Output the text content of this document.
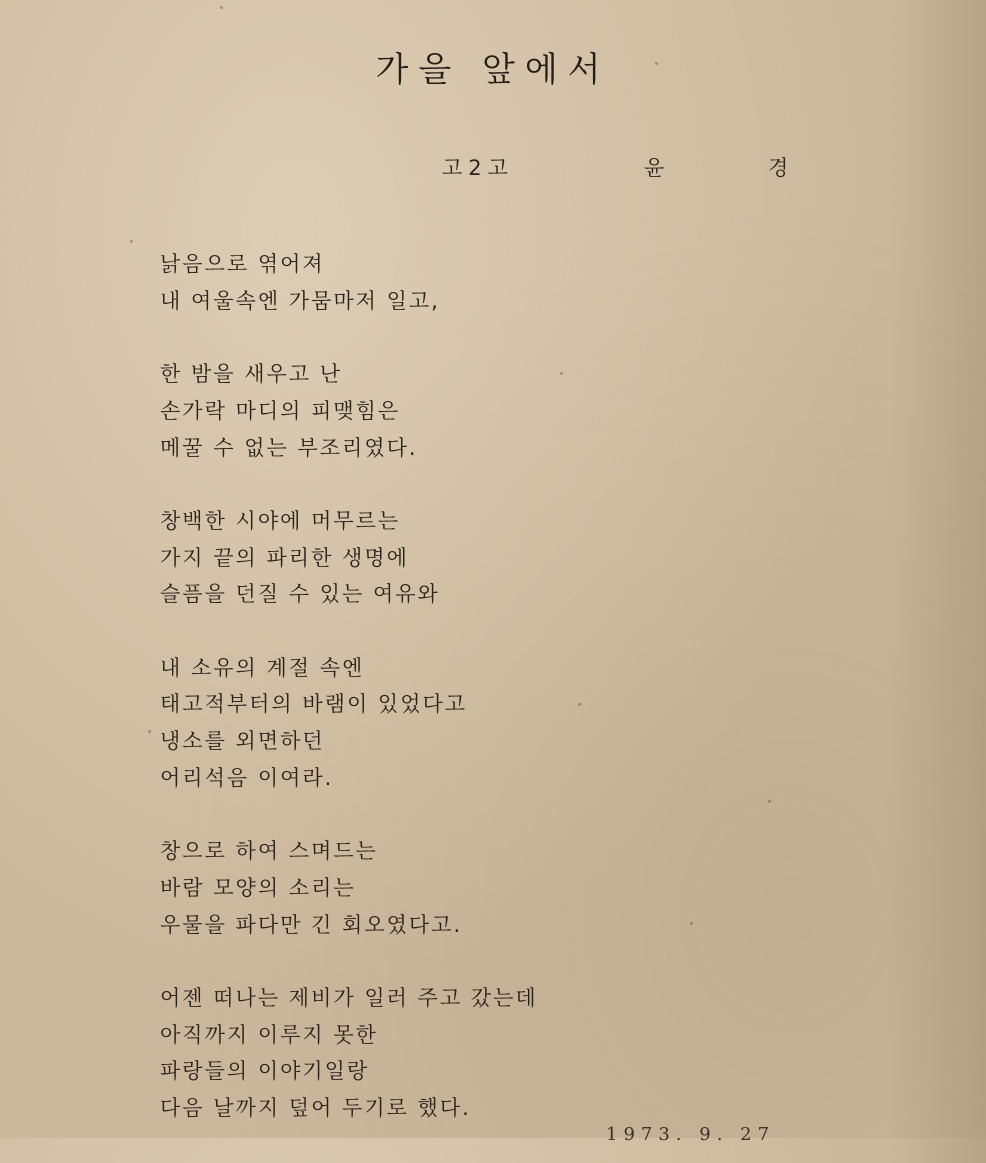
가을 앞에서
고2고	윤	경
낡음으로 엮어져
내 여울속엔 가뭄마저 일고,
한 밤을 새우고 난
손가락 마디의 피맺힘은
메꿀 수 없는 부조리였다.
창백한 시야에 머무르는
가지 끝의 파리한 생명에
슬픔을 던질 수 있는 여유와
내 소유의 계절 속엔
태고적부터의 바램이 있었다고
냉소를 외면하던
어리석음 이여라.
창으로 하여 스며드는
바람 모양의 소리는
우물을 파다만 긴 회오였다고.
어젠 떠나는 제비가 일러 주고 갔는데
아직까지 이루지 못한
파랑들의 이야기일랑
다음 날까지 덮어 두기로 했다.
1973. 9. 27
